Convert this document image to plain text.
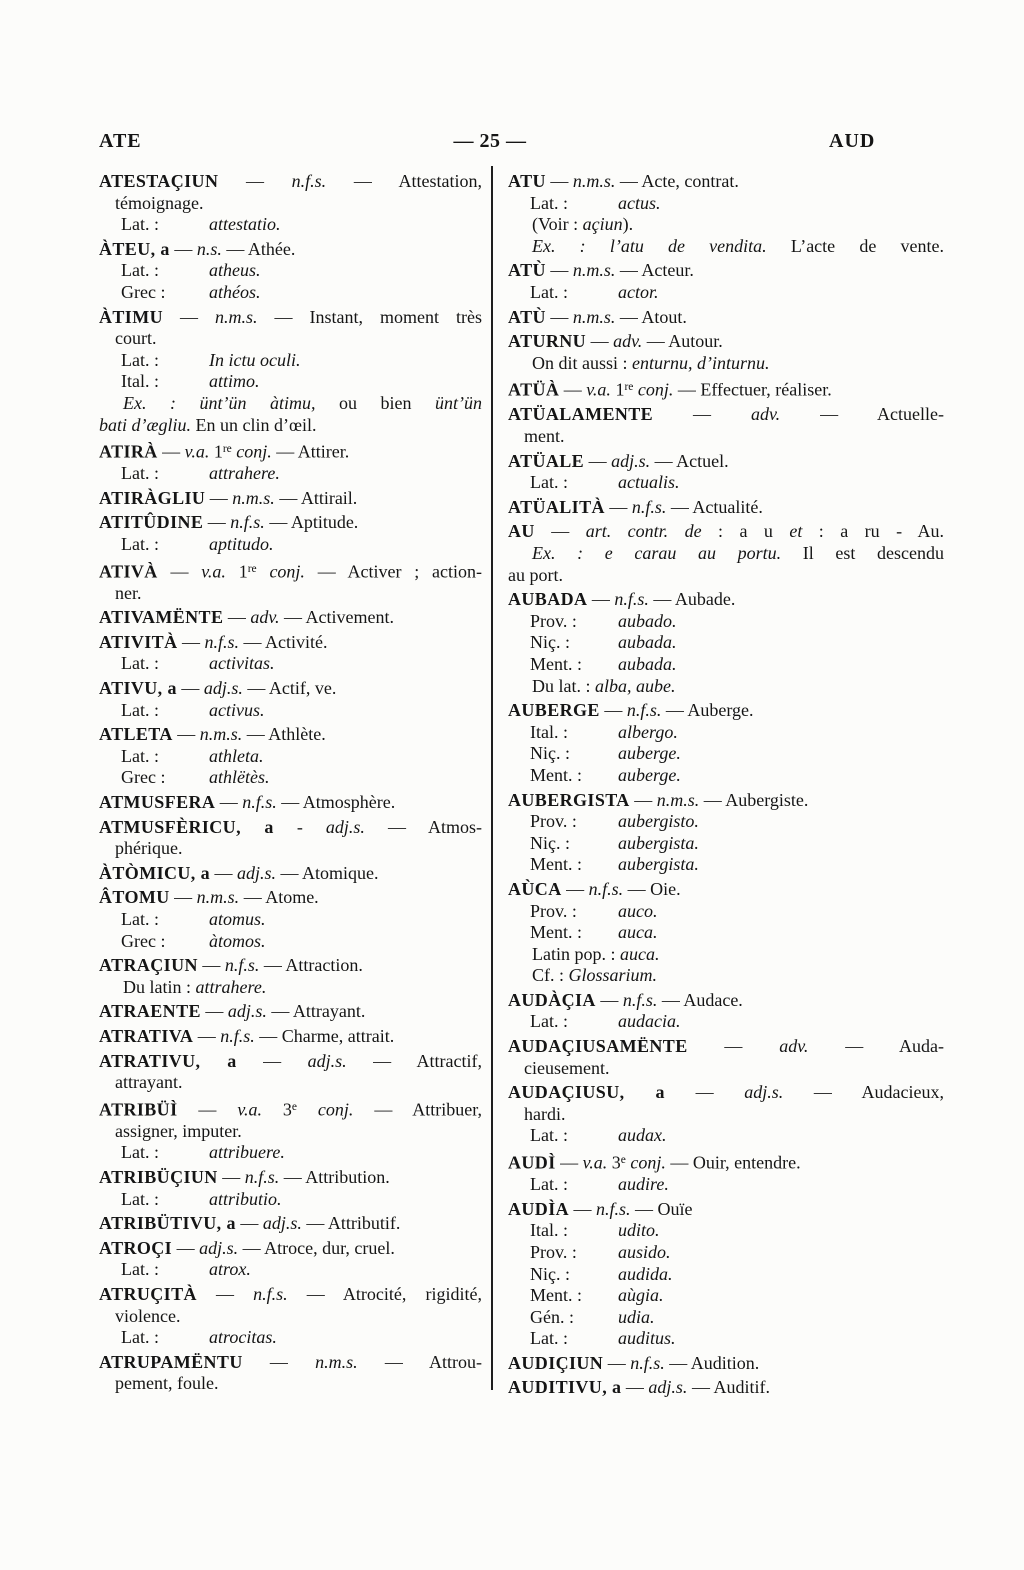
ATE	— 25 —	AUD
ATESTAÇIUN — n.f.s. — Attestation,
témoignage.
Lat. :	attestatio.
ÀTEU, a — n.s. — Athée.
Lat. :	atheus.
Grec : athéos.
ÀTIMU — n.m.s. — Instant, moment très
court.
Lat. :	In ictu oculi.
Ital. :	attimo.
Ex. : ünt’ün àtimu, ou bien ünt’ün
bati d’ægliu. En un clin d’œil.
ATIRÀ — v.a. 1re conj. — Attirer.
Lat. :	attrahere.
ATIRÀGLIU — n.m.s. — Attirail.
ATITÛDINE — n.f.s. — Aptitude.
Lat. :	aptitudo.
ATIVÀ — v.a. 1re conj. — Activer ; action-
ner.
ATIVAMËNTE — adv. — Activement.
ATIVITÀ — n.f.s. — Activité.
Lat. :	activitas.
ATIVU, a — adj.s. — Actif, ve.
Lat. :	activus.
ATLETA — n.m.s. — Athlète.
Lat. :	athleta.
Grec : athlëtès.
ATMUSFERA — n.f.s. — Atmosphère.
ATMUSFÈRICU, a - adj.s. — Atmos-
phérique.
ÀTÒMICU, a — adj.s. — Atomique.
ÂTOMU — n.m.s. — Atome.
Lat. :	atomus.
Grec : àtomos.
ATRAÇIUN — n.f.s. — Attraction.
Du latin : attrahere.
ATRAENTE — adj.s. — Attrayant.
ATRATIVA — n.f.s. — Charme, attrait.
ATRATIVU, a — adj.s. — Attractif,
attrayant.
ATRIBÜÌ — v.a. 3e conj. — Attribuer,
assigner, imputer.
Lat. :	attribuere.
ATRIBÜÇIUN — n.f.s. — Attribution.
Lat. :	attributio.
ATRIBÜTIVU, a — adj.s. — Attributif.
ATROÇI — adj.s. — Atroce, dur, cruel.
Lat. :	atrox.
ATRUÇITÀ — n.f.s. — Atrocité, rigidité,
violence.
Lat. :	atrocitas.
ATRUPAMËNTU — n.m.s. — Attrou-
pement, foule.
ATU — n.m.s. — Acte, contrat.
Lat. :	actus.
(Voir : açiun).
Ex. : l’atu de vendita. L’acte de vente.
ATÙ — n.m.s. — Acteur.
Lat. :	actor.
ATÙ — n.m.s. — Atout.
ATURNU — adv. — Autour.
On dit aussi : enturnu, d’inturnu.
ATÜÀ — v.a. 1re conj. — Effectuer, réaliser.
ATÜALAMENTE — adv. — Actuelle-
ment.
ATÜALE — adj.s. — Actuel.
Lat. :	actualis.
ATÜALITÀ — n.f.s. — Actualité.
AU — art. contr. de : a u et : a ru - Au.
Ex. : e carau au portu. Il est descendu
au port.
AUBADA — n.f.s. — Aubade.
Prov. : aubado.
Niç. :	aubada.
Ment. : aubada.
Du lat. : alba, aube.
AUBERGE — n.f.s. — Auberge.
Ital. :	albergo.
Niç. :	auberge.
Ment. : auberge.
AUBERGISTA — n.m.s. — Aubergiste.
Prov. : aubergisto.
Niç. :	aubergista.
Ment. : aubergista.
AÙCA — n.f.s. — Oie.
Prov. : auco.
Ment. : auca.
Latin pop. : auca.
Cf. : Glossarium.
AUDÀÇIA — n.f.s. — Audace.
Lat. :	audacia.
AUDAÇIUSAMËNTE — adv. — Auda-
cieusement.
AUDAÇIUSU, a — adj.s. — Audacieux,
hardi.
Lat. :	audax.
AUDÌ — v.a. 3e conj. — Ouir, entendre.
Lat. :	audire.
AUDÌA — n.f.s. — Ouïe
Ital. :	udito.
Prov. : ausido.
Niç. :	audida.
Ment. : aùgia.
Gén. : udia.
Lat. :	auditus.
AUDIÇIUN — n.f.s. — Audition.
AUDITIVU, a — adj.s. — Auditif.
